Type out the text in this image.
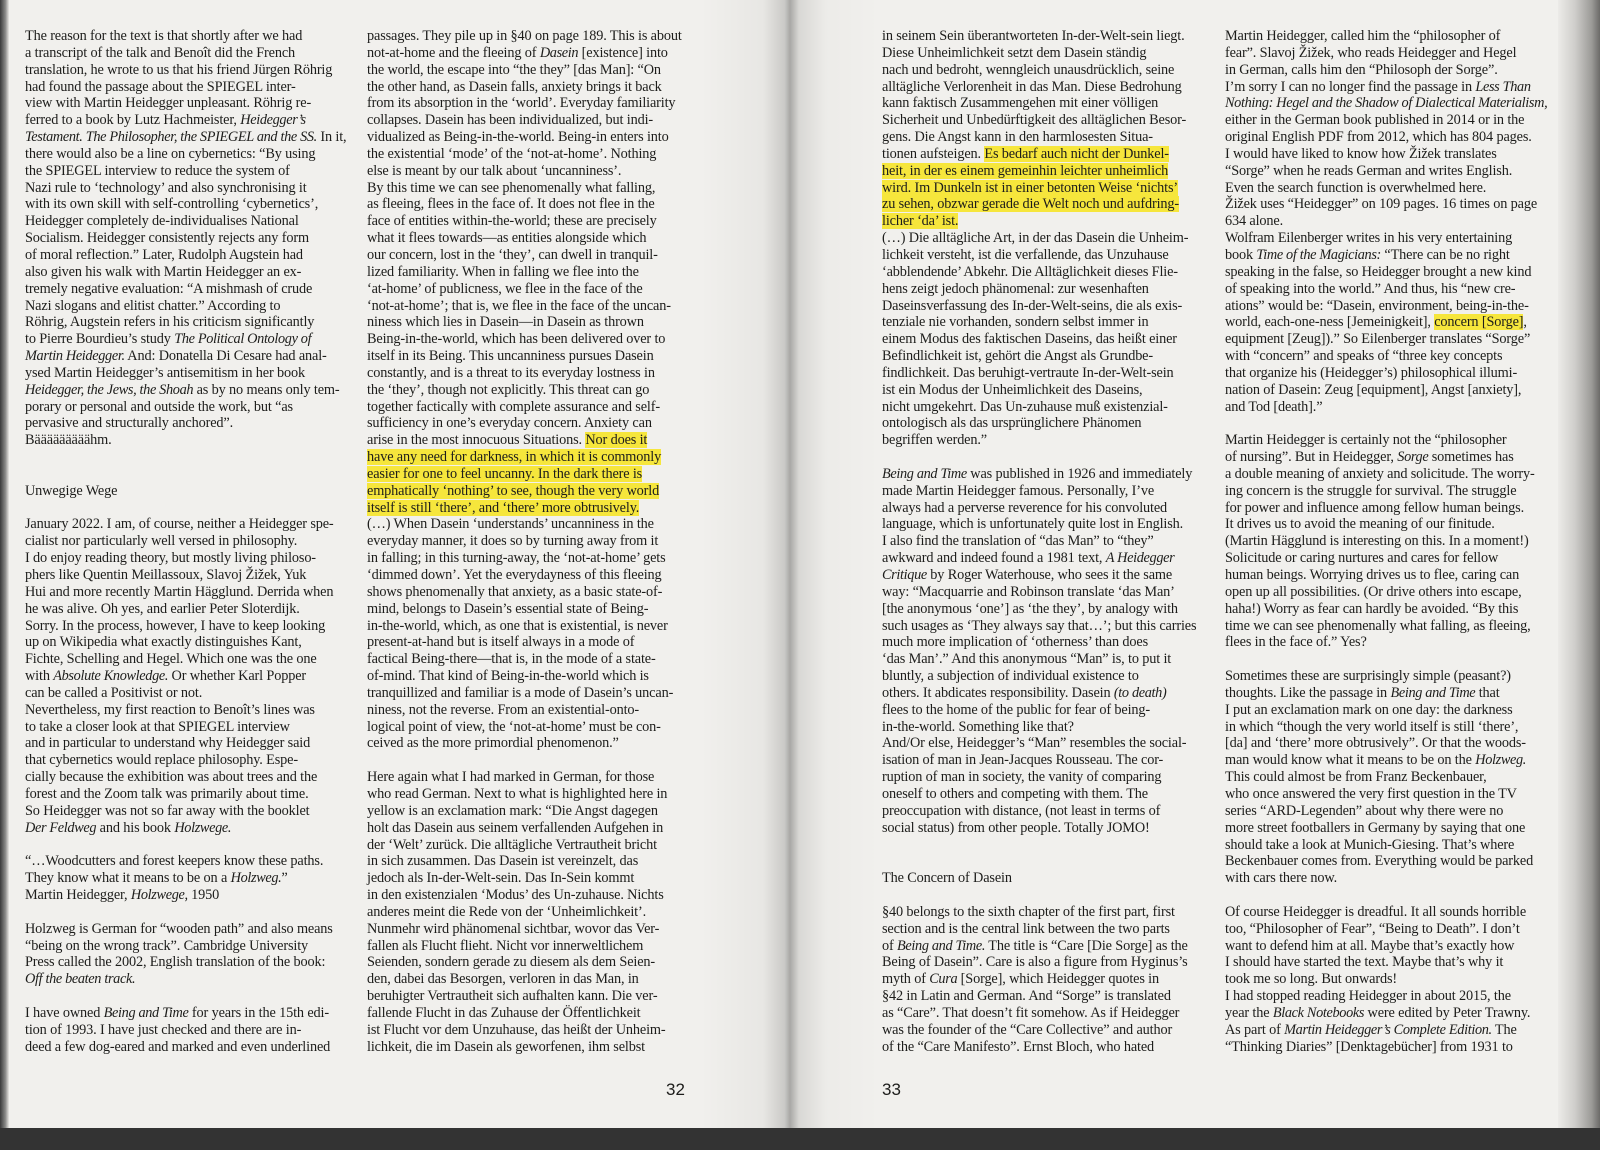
The reason for the text is that shortly after we had
a transcript of the talk and Benoît did the French
translation, he wrote to us that his friend Jürgen Röhrig
had found the passage about the SPIEGEL inter-
view with Martin Heidegger unpleasant. Röhrig re-
ferred to a book by Lutz Hachmeister, Heidegger’s
Testament. The Philosopher, the SPIEGEL and the SS. In it,
there would also be a line on cybernetics: “By using
the SPIEGEL interview to reduce the system of
Nazi rule to ‘technology’ and also synchronising it
with its own skill with self-controlling ‘cybernetics’,
Heidegger completely de-individualises National
Socialism. Heidegger consistently rejects any form
of moral reflection.” Later, Rudolph Augstein had
also given his walk with Martin Heidegger an ex-
tremely negative evaluation: “A mishmash of crude
Nazi slogans and elitist chatter.” According to
Röhrig, Augstein refers in his criticism significantly
to Pierre Bourdieu’s study The Political Ontology of
Martin Heidegger. And: Donatella Di Cesare had anal-
ysed Martin Heidegger’s antisemitism in her book
Heidegger, the Jews, the Shoah as by no means only tem-
porary or personal and outside the work, but “as
pervasive and structurally anchored”.
Bääääääääähm.
Unwegige Wege
January 2022. I am, of course, neither a Heidegger spe-
cialist nor particularly well versed in philosophy.
I do enjoy reading theory, but mostly living philoso-
phers like Quentin Meillassoux, Slavoj Žižek, Yuk
Hui and more recently Martin Hägglund. Derrida when
he was alive. Oh yes, and earlier Peter Sloterdijk.
Sorry. In the process, however, I have to keep looking
up on Wikipedia what exactly distinguishes Kant,
Fichte, Schelling and Hegel. Which one was the one
with Absolute Knowledge. Or whether Karl Popper
can be called a Positivist or not.
Nevertheless, my first reaction to Benoît’s lines was
to take a closer look at that SPIEGEL interview
and in particular to understand why Heidegger said
that cybernetics would replace philosophy. Espe-
cially because the exhibition was about trees and the
forest and the Zoom talk was primarily about time.
So Heidegger was not so far away with the booklet
Der Feldweg and his book Holzwege.
“…Woodcutters and forest keepers know these paths.
They know what it means to be on a Holzweg.”
Martin Heidegger, Holzwege, 1950
Holzweg is German for “wooden path” and also means
“being on the wrong track”. Cambridge University
Press called the 2002, English translation of the book:
Off the beaten track.
I have owned Being and Time for years in the 15th edi-
tion of 1993. I have just checked and there are in-
deed a few dog-eared and marked and even underlined
passages. They pile up in §40 on page 189. This is about
not-at-home and the fleeing of Dasein [existence] into
the world, the escape into “the they” [das Man]: “On
the other hand, as Dasein falls, anxiety brings it back
from its absorption in the ‘world’. Everyday familiarity
collapses. Dasein has been individualized, but indi-
vidualized as Being-in-the-world. Being-in enters into
the existential ‘mode’ of the ‘not-at-home’. Nothing
else is meant by our talk about ‘uncanniness’.
By this time we can see phenomenally what falling,
as fleeing, flees in the face of. It does not flee in the
face of entities within-the-world; these are precisely
what it flees towards—as entities alongside which
our concern, lost in the ‘they’, can dwell in tranquil-
lized familiarity. When in falling we flee into the
‘at-home’ of publicness, we flee in the face of the
‘not-at-home’; that is, we flee in the face of the uncan-
niness which lies in Dasein—in Dasein as thrown
Being-in-the-world, which has been delivered over to
itself in its Being. This uncanniness pursues Dasein
constantly, and is a threat to its everyday lostness in
the ‘they’, though not explicitly. This threat can go
together factically with complete assurance and self-
sufficiency in one’s everyday concern. Anxiety can
arise in the most innocuous Situations. Nor does it
have any need for darkness, in which it is commonly
easier for one to feel uncanny. In the dark there is
emphatically ‘nothing’ to see, though the very world
itself is still ‘there’, and ‘there’ more obtrusively.
(…) When Dasein ‘understands’ uncanniness in the
everyday manner, it does so by turning away from it
in falling; in this turning-away, the ‘not-at-home’ gets
‘dimmed down’. Yet the everydayness of this fleeing
shows phenomenally that anxiety, as a basic state-of-
mind, belongs to Dasein’s essential state of Being-
in-the-world, which, as one that is existential, is never
present-at-hand but is itself always in a mode of
factical Being-there—that is, in the mode of a state-
of-mind. That kind of Being-in-the-world which is
tranquillized and familiar is a mode of Dasein’s uncan-
niness, not the reverse. From an existential-onto-
logical point of view, the ‘not-at-home’ must be con-
ceived as the more primordial phenomenon.”
Here again what I had marked in German, for those
who read German. Next to what is highlighted here in
yellow is an exclamation mark: “Die Angst dagegen
holt das Dasein aus seinem verfallenden Aufgehen in
der ‘Welt’ zurück. Die alltägliche Vertrautheit bricht
in sich zusammen. Das Dasein ist vereinzelt, das
jedoch als In-der-Welt-sein. Das In-Sein kommt
in den existenzialen ‘Modus’ des Un-zuhause. Nichts
anderes meint die Rede von der ‘Unheimlichkeit’.
Nunmehr wird phänomenal sichtbar, wovor das Ver-
fallen als Flucht flieht. Nicht vor innerweltlichem
Seienden, sondern gerade zu diesem als dem Seien-
den, dabei das Besorgen, verloren in das Man, in
beruhigter Vertrautheit sich aufhalten kann. Die ver-
fallende Flucht in das Zuhause der Öffentlichkeit
ist Flucht vor dem Unzuhause, das heißt der Unheim-
lichkeit, die im Dasein als geworfenen, ihm selbst
in seinem Sein überantworteten In-der-Welt-sein liegt.
Diese Unheimlichkeit setzt dem Dasein ständig
nach und bedroht, wenngleich unausdrücklich, seine
alltägliche Verlorenheit in das Man. Diese Bedrohung
kann faktisch Zusammengehen mit einer völligen
Sicherheit und Unbedürftigkeit des alltäglichen Besor-
gens. Die Angst kann in den harmlosesten Situa-
tionen aufsteigen. Es bedarf auch nicht der Dunkel-
heit, in der es einem gemeinhin leichter unheimlich
wird. Im Dunkeln ist in einer betonten Weise ‘nichts’
zu sehen, obzwar gerade die Welt noch und aufdring-
licher ‘da’ ist.
(…) Die alltägliche Art, in der das Dasein die Unheim-
lichkeit versteht, ist die verfallende, das Unzuhause
‘abblendende’ Abkehr. Die Alltäglichkeit dieses Flie-
hens zeigt jedoch phänomenal: zur wesenhaften
Daseinsverfassung des In-der-Welt-seins, die als exis-
tenziale nie vorhanden, sondern selbst immer in
einem Modus des faktischen Daseins, das heißt einer
Befindlichkeit ist, gehört die Angst als Grundbe-
findlichkeit. Das beruhigt-vertraute In-der-Welt-sein
ist ein Modus der Unheimlichkeit des Daseins,
nicht umgekehrt. Das Un-zuhause muß existenzial-
ontologisch als das ursprünglichere Phänomen
begriffen werden.”
Being and Time was published in 1926 and immediately
made Martin Heidegger famous. Personally, I’ve
always had a perverse reverence for his convoluted
language, which is unfortunately quite lost in English.
I also find the translation of “das Man” to “they”
awkward and indeed found a 1981 text, A Heidegger
Critique by Roger Waterhouse, who sees it the same
way: “Macquarrie and Robinson translate ‘das Man’
[the anonymous ‘one’] as ‘the they’, by analogy with
such usages as ‘They always say that…’; but this carries
much more implication of ‘otherness’ than does
‘das Man’.” And this anonymous “Man” is, to put it
bluntly, a subjection of individual existence to
others. It abdicates responsibility. Dasein (to death)
flees to the home of the public for fear of being-
in-the-world. Something like that?
And/Or else, Heidegger’s “Man” resembles the social-
isation of man in Jean-Jacques Rousseau. The cor-
ruption of man in society, the vanity of comparing
oneself to others and competing with them. The
preoccupation with distance, (not least in terms of
social status) from other people. Totally JOMO!
The Concern of Dasein
§40 belongs to the sixth chapter of the first part, first
section and is the central link between the two parts
of Being and Time. The title is “Care [Die Sorge] as the
Being of Dasein”. Care is also a figure from Hyginus’s
myth of Cura [Sorge], which Heidegger quotes in
§42 in Latin and German. And “Sorge” is translated
as “Care”. That doesn’t fit somehow. As if Heidegger
was the founder of the “Care Collective” and author
of the “Care Manifesto”. Ernst Bloch, who hated
Martin Heidegger, called him the “philosopher of
fear”. Slavoj Žižek, who reads Heidegger and Hegel
in German, calls him den “Philosoph der Sorge”.
I’m sorry I can no longer find the passage in Less Than
Nothing: Hegel and the Shadow of Dialectical Materialism,
either in the German book published in 2014 or in the
original English PDF from 2012, which has 804 pages.
I would have liked to know how Žižek translates
“Sorge” when he reads German and writes English.
Even the search function is overwhelmed here.
Žižek uses “Heidegger” on 109 pages. 16 times on page
634 alone.
Wolfram Eilenberger writes in his very entertaining
book Time of the Magicians: “There can be no right
speaking in the false, so Heidegger brought a new kind
of speaking into the world.” And thus, his “new cre-
ations” would be: “Dasein, environment, being-in-the-
world, each-one-ness [Jemeinigkeit], concern [Sorge],
equipment [Zeug]).” So Eilenberger translates “Sorge”
with “concern” and speaks of “three key concepts
that organize his (Heidegger’s) philosophical illumi-
nation of Dasein: Zeug [equipment], Angst [anxiety],
and Tod [death].”
Martin Heidegger is certainly not the “philosopher
of nursing”. But in Heidegger, Sorge sometimes has
a double meaning of anxiety and solicitude. The worry-
ing concern is the struggle for survival. The struggle
for power and influence among fellow human beings.
It drives us to avoid the meaning of our finitude.
(Martin Hägglund is interesting on this. In a moment!)
Solicitude or caring nurtures and cares for fellow
human beings. Worrying drives us to flee, caring can
open up all possibilities. (Or drive others into escape,
haha!) Worry as fear can hardly be avoided. “By this
time we can see phenomenally what falling, as fleeing,
flees in the face of.” Yes?
Sometimes these are surprisingly simple (peasant?)
thoughts. Like the passage in Being and Time that
I put an exclamation mark on one day: the darkness
in which “though the very world itself is still ‘there’,
[da] and ‘there’ more obtrusively”. Or that the woods-
man would know what it means to be on the Holzweg.
This could almost be from Franz Beckenbauer,
who once answered the very first question in the TV
series “ARD-Legenden” about why there were no
more street footballers in Germany by saying that one
should take a look at Munich-Giesing. That’s where
Beckenbauer comes from. Everything would be parked
with cars there now.
Of course Heidegger is dreadful. It all sounds horrible
too, “Philosopher of Fear”, “Being to Death”. I don’t
want to defend him at all. Maybe that’s exactly how
I should have started the text. Maybe that’s why it
took me so long. But onwards!
I had stopped reading Heidegger in about 2015, the
year the Black Notebooks were edited by Peter Trawny.
As part of Martin Heidegger’s Complete Edition. The
“Thinking Diaries” [Denktagebücher] from 1931 to
32	33
